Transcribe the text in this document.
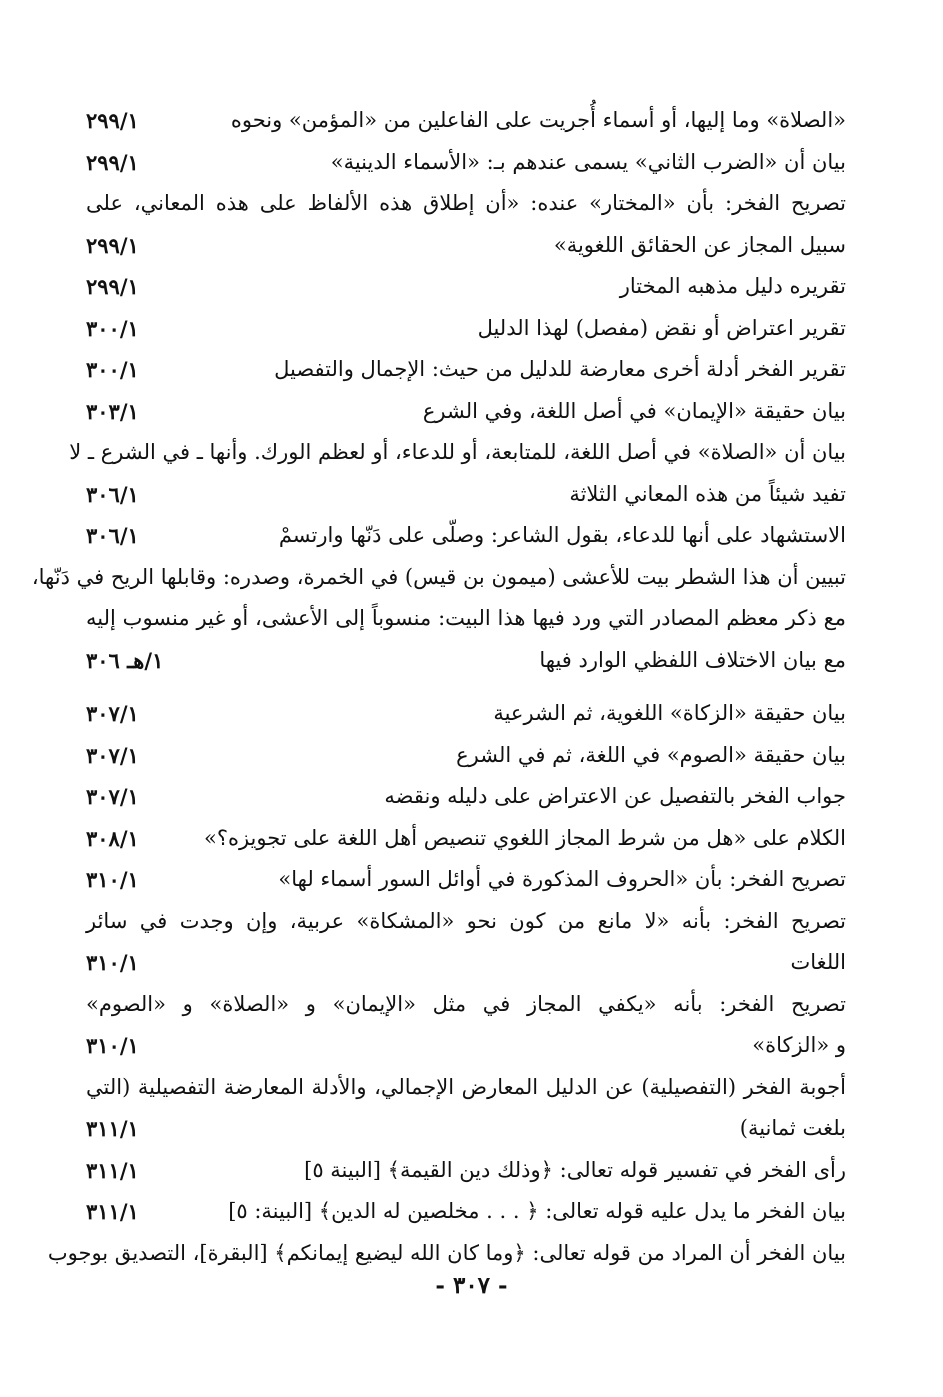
«الصلاة» وما إليها، أو أسماء أُجريت على الفاعلين من «المؤمن» ونحوه
٢٩٩/١
بيان أن «الضرب الثاني» يسمى عندهم بـ: «الأسماء الدينية»
٢٩٩/١
تصريح الفخر: بأن «المختار» عنده: «أن إطلاق هذه الألفاظ على هذه المعاني، على
سبيل المجاز عن الحقائق اللغوية»
٢٩٩/١
تقريره دليل مذهبه المختار
٢٩٩/١
تقرير اعتراض أو نقض (مفصل) لهذا الدليل
٣٠٠/١
تقرير الفخر أدلة أخرى معارضة للدليل من حيث: الإجمال والتفصيل
٣٠٠/١
بيان حقيقة «الإيمان» في أصل اللغة، وفي الشرع
٣٠٣/١
بيان أن «الصلاة» في أصل اللغة، للمتابعة، أو للدعاء، أو لعظم الورك. وأنها ـ في الشرع ـ لا
تفيد شيئاً من هذه المعاني الثلاثة
٣٠٦/١
الاستشهاد على أنها للدعاء، بقول الشاعر: وصلّى على دَنّها وارتسمْ
٣٠٦/١
تبيين أن هذا الشطر بيت للأعشى (ميمون بن قيس) في الخمرة، وصدره: وقابلها الريح في دَنّها،
مع ذكر معظم المصادر التي ورد فيها هذا البيت: منسوباً إلى الأعشى، أو غير منسوب إليه
مع بيان الاختلاف اللفظي الوارد فيها
١/هـ ٣٠٦
بيان حقيقة «الزكاة» اللغوية، ثم الشرعية
٣٠٧/١
بيان حقيقة «الصوم» في اللغة، ثم في الشرع
٣٠٧/١
جواب الفخر بالتفصيل عن الاعتراض على دليله ونقضه
٣٠٧/١
الكلام على «هل من شرط المجاز اللغوي تنصيص أهل اللغة على تجويزه؟»
٣٠٨/١
تصريح الفخر: بأن «الحروف المذكورة في أوائل السور أسماء لها»
٣١٠/١
تصريح الفخر: بأنه «لا مانع من كون نحو «المشكاة» عربية، وإن وجدت في سائر
اللغات
٣١٠/١
تصريح الفخر: بأنه «يكفي المجاز في مثل «الإيمان» و «الصلاة» و «الصوم»
و «الزكاة»
٣١٠/١
أجوبة الفخر (التفصيلية) عن الدليل المعارض الإجمالي، والأدلة المعارضة التفصيلية (التي
بلغت ثمانية)
٣١١/١
رأى الفخر في تفسير قوله تعالى: ﴿وذلك دين القيمة﴾ [البينة ٥]
٣١١/١
بيان الفخر ما يدل عليه قوله تعالى: ﴿ . . . مخلصين له الدين﴾ [البينة: ٥]
٣١١/١
بيان الفخر أن المراد من قوله تعالى: ﴿وما كان الله ليضيع إيمانكم﴾ [البقرة]، التصديق بوجوب
- ٣٠٧ -
